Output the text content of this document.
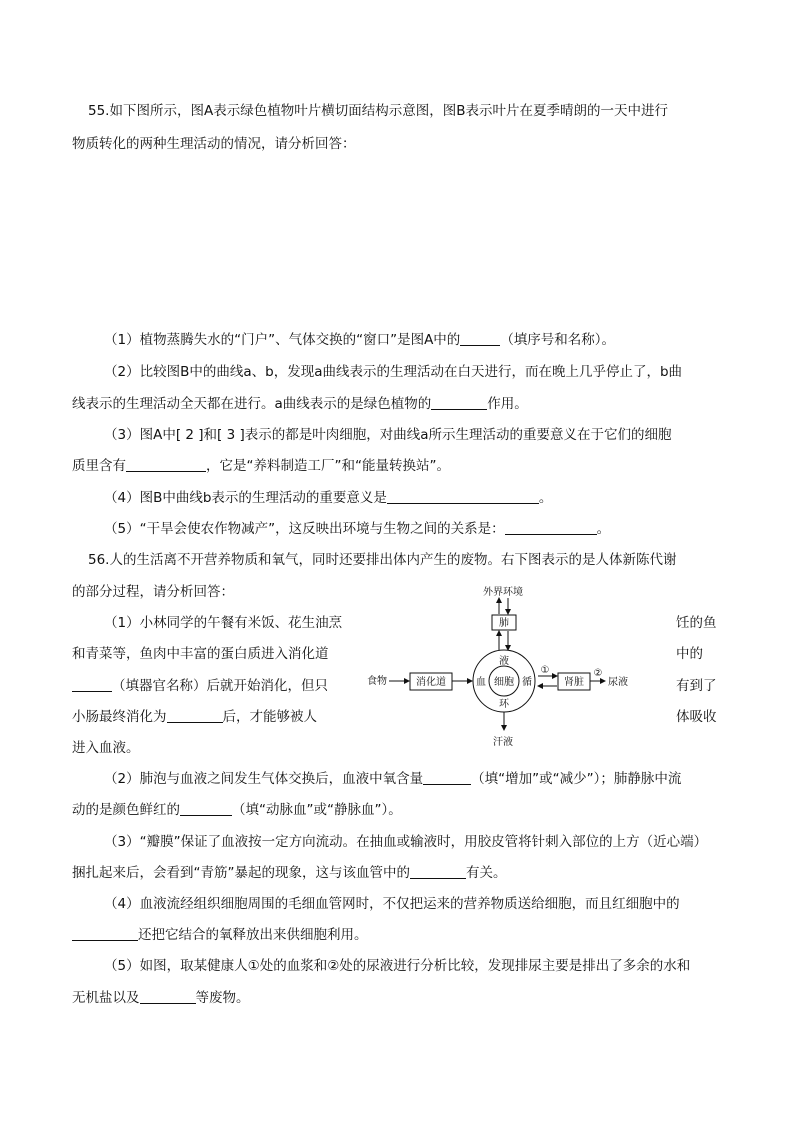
55.如下图所示，图A表示绿色植物叶片横切面结构示意图，图B表示叶片在夏季晴朗的一天中进行
物质转化的两种生理活动的情况，请分析回答：
（1）植物蒸腾失水的“门户”、气体交换的“窗口”是图A中的	（填序号和名称）。
（2）比较图B中的曲线a、b，发现a曲线表示的生理活动在白天进行，而在晚上几乎停止了，b曲
线表示的生理活动全天都在进行。a曲线表示的是绿色植物的	作用。
（3）图A中[ 2 ]和[ 3 ]表示的都是叶肉细胞，对曲线a所示生理活动的重要意义在于它们的细胞
质里含有	，它是“养料制造工厂”和“能量转换站”。
（4）图B中曲线b表示的生理活动的重要意义是	。
（5）“干旱会使农作物减产”，这反映出环境与生物之间的关系是：	。
56.人的生活离不开营养物质和氧气，同时还要排出体内产生的废物。右下图表示的是人体新陈代谢
的部分过程，请分析回答：
（1）小林同学的午餐有米饭、花生油烹
和青菜等，鱼肉中丰富的蛋白质进入消化道
（填器官名称）后就开始消化，但只
小肠最终消化为	后，才能够被人
进入血液。
饪的鱼
中的
有到了
体吸收
（2）肺泡与血液之间发生气体交换后，血液中氧含量	（填“增加”或“减少”）；肺静脉中流
动的是颜色鲜红的	（填“动脉血”或“静脉血”）。
（3）“瓣膜”保证了血液按一定方向流动。在抽血或输液时，用胶皮管将针刺入部位的上方（近心端）
捆扎起来后，会看到“青筋”暴起的现象，这与该血管中的	有关。
（4）血液流经组织细胞周围的毛细血管网时，不仅把运来的营养物质送给细胞，而且红细胞中的
还把它结合的氧释放出来供细胞利用。
（5）如图，取某健康人①处的血浆和②处的尿液进行分析比较，发现排尿主要是排出了多余的水和
无机盐以及	等废物。
外界环境
肺
细胞
血
液
循
环
食物	消化道
①
肾脏
②
尿液
汗液
